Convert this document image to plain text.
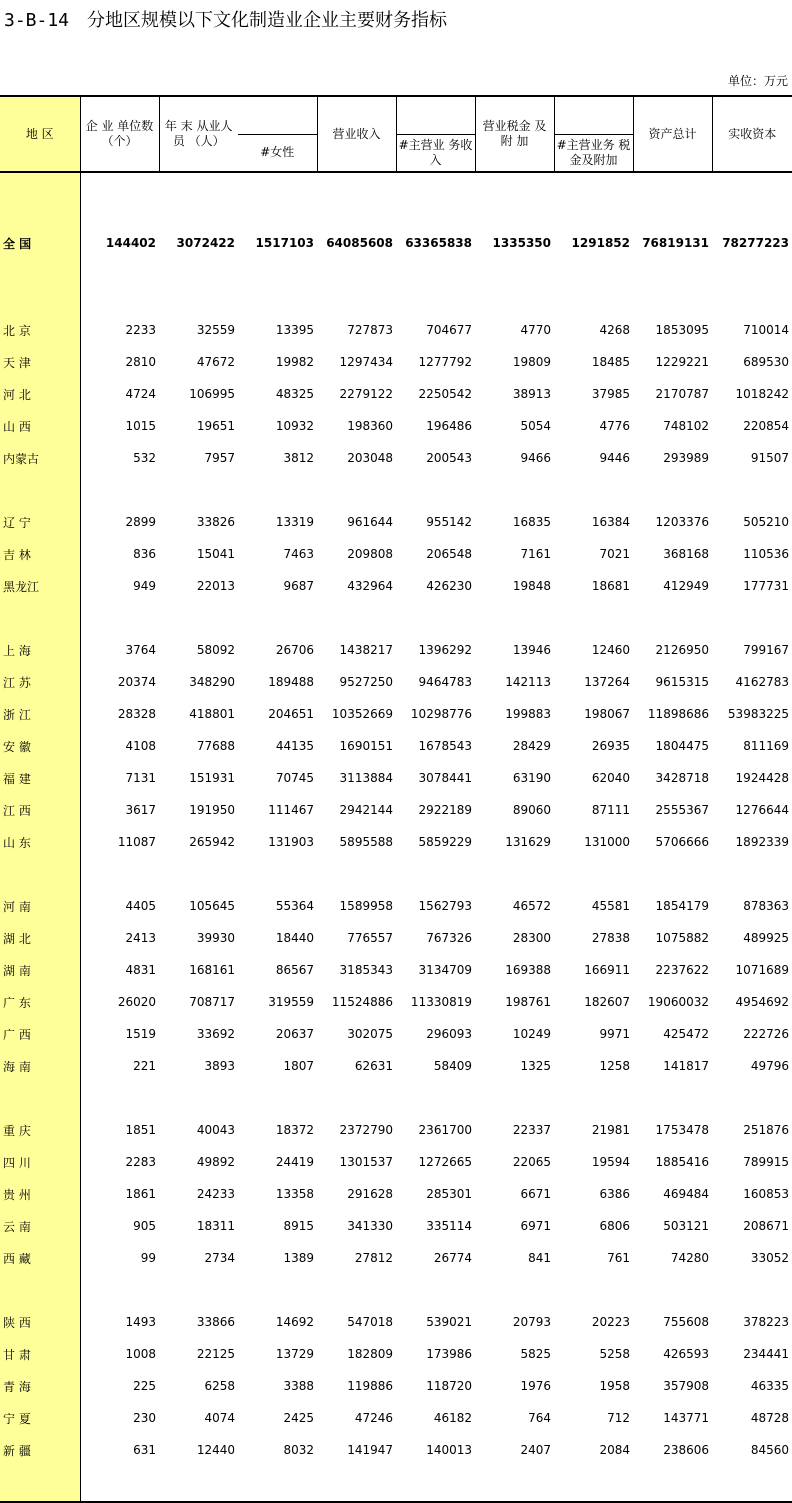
3-B-14 分地区规模以下文化制造业企业主要财务指标
单位：万元
地 区	企 业 单位数 （个）	年 末 从业人员 （人）		营业收入		营业税金 及 附 加		资产总计	实收资本
			#女性		#主营业 务收入		#主营业务 税金及附加		

全 国	144402	3072422	1517103	64085608	63365838	1335350	1291852	76819131	78277223

北 京	2233	32559	13395	727873	704677	4770	4268	1853095	710014
天 津	2810	47672	19982	1297434	1277792	19809	18485	1229221	689530
河 北	4724	106995	48325	2279122	2250542	38913	37985	2170787	1018242
山 西	1015	19651	10932	198360	196486	5054	4776	748102	220854
内蒙古	532	7957	3812	203048	200543	9466	9446	293989	91507

辽 宁	2899	33826	13319	961644	955142	16835	16384	1203376	505210
吉 林	836	15041	7463	209808	206548	7161	7021	368168	110536
黑龙江	949	22013	9687	432964	426230	19848	18681	412949	177731

上 海	3764	58092	26706	1438217	1396292	13946	12460	2126950	799167
江 苏	20374	348290	189488	9527250	9464783	142113	137264	9615315	4162783
浙 江	28328	418801	204651	10352669	10298776	199883	198067	11898686	53983225
安 徽	4108	77688	44135	1690151	1678543	28429	26935	1804475	811169
福 建	7131	151931	70745	3113884	3078441	63190	62040	3428718	1924428
江 西	3617	191950	111467	2942144	2922189	89060	87111	2555367	1276644
山 东	11087	265942	131903	5895588	5859229	131629	131000	5706666	1892339

河 南	4405	105645	55364	1589958	1562793	46572	45581	1854179	878363
湖 北	2413	39930	18440	776557	767326	28300	27838	1075882	489925
湖 南	4831	168161	86567	3185343	3134709	169388	166911	2237622	1071689
广 东	26020	708717	319559	11524886	11330819	198761	182607	19060032	4954692
广 西	1519	33692	20637	302075	296093	10249	9971	425472	222726
海 南	221	3893	1807	62631	58409	1325	1258	141817	49796

重 庆	1851	40043	18372	2372790	2361700	22337	21981	1753478	251876
四 川	2283	49892	24419	1301537	1272665	22065	19594	1885416	789915
贵 州	1861	24233	13358	291628	285301	6671	6386	469484	160853
云 南	905	18311	8915	341330	335114	6971	6806	503121	208671
西 藏	99	2734	1389	27812	26774	841	761	74280	33052

陕 西	1493	33866	14692	547018	539021	20793	20223	755608	378223
甘 肃	1008	22125	13729	182809	173986	5825	5258	426593	234441
青 海	225	6258	3388	119886	118720	1976	1958	357908	46335
宁 夏	230	4074	2425	47246	46182	764	712	143771	48728
新 疆	631	12440	8032	141947	140013	2407	2084	238606	84560
